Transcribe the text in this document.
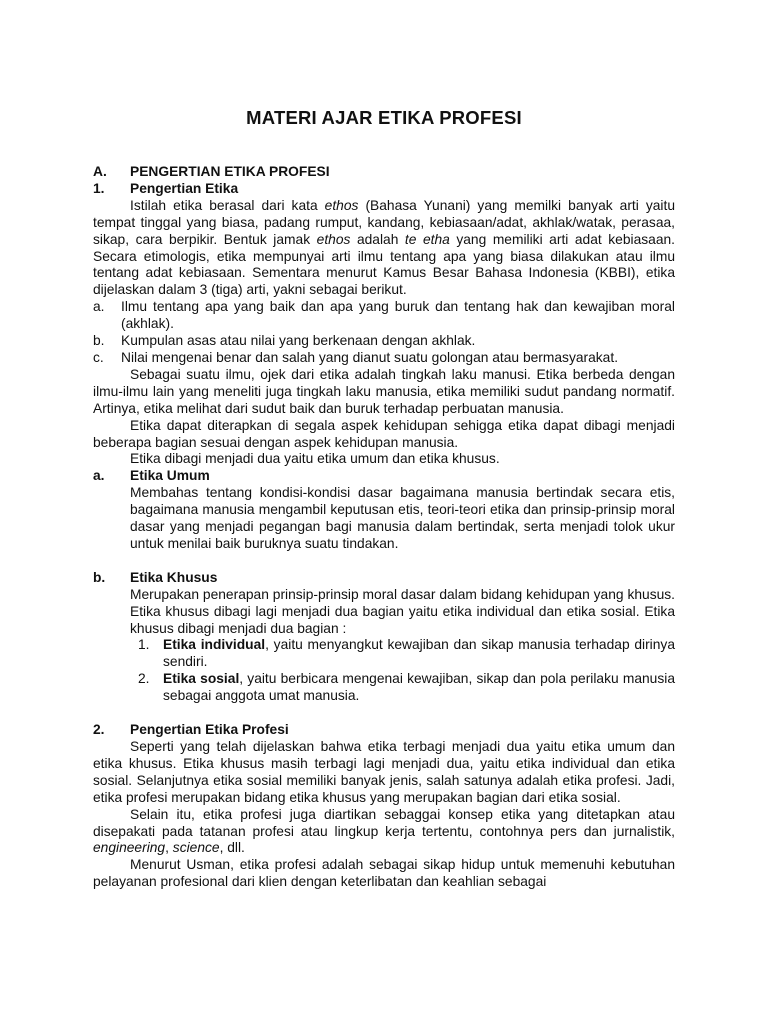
MATERI AJAR ETIKA PROFESI
A.	PENGERTIAN ETIKA PROFESI
1.	Pengertian Etika

Istilah etika berasal dari kata ethos (Bahasa Yunani) yang memilki banyak arti yaitu tempat tinggal yang biasa, padang rumput, kandang, kebiasaan/adat, akhlak/watak, perasaa, sikap, cara berpikir. Bentuk jamak ethos adalah te etha yang memiliki arti adat kebiasaan. Secara etimologis, etika mempunyai arti ilmu tentang apa yang biasa dilakukan atau ilmu tentang adat kebiasaan. Sementara menurut Kamus Besar Bahasa Indonesia (KBBI), etika dijelaskan dalam 3 (tiga) arti, yakni sebagai berikut.

a.	Ilmu tentang apa yang baik dan apa yang buruk dan tentang hak dan kewajiban moral (akhlak).
b.	Kumpulan asas atau nilai yang berkenaan dengan akhlak.
c.	Nilai mengenai benar dan salah yang dianut suatu golongan atau bermasyarakat.

Sebagai suatu ilmu, ojek dari etika adalah tingkah laku manusi. Etika berbeda dengan ilmu-ilmu lain yang meneliti juga tingkah laku manusia, etika memiliki sudut pandang normatif. Artinya, etika melihat dari sudut baik dan buruk terhadap perbuatan manusia.

Etika dapat diterapkan di segala aspek kehidupan sehigga etika dapat dibagi menjadi beberapa bagian sesuai dengan aspek kehidupan manusia.

Etika dibagi menjadi dua yaitu etika umum dan etika khusus.

a.	Etika Umum

Membahas tentang kondisi-kondisi dasar bagaimana manusia bertindak secara etis, bagaimana manusia mengambil keputusan etis, teori-teori etika dan prinsip-prinsip moral dasar yang menjadi pegangan bagi manusia dalam bertindak, serta menjadi tolok ukur untuk menilai baik buruknya suatu tindakan.

b.	Etika Khusus

Merupakan penerapan prinsip-prinsip moral dasar dalam bidang kehidupan yang khusus. Etika khusus dibagi lagi menjadi dua bagian yaitu etika individual dan etika sosial. Etika khusus dibagi menjadi dua bagian :

1. Etika individual, yaitu menyangkut kewajiban dan sikap manusia terhadap dirinya sendiri.
2. Etika sosial, yaitu berbicara mengenai kewajiban, sikap dan pola perilaku manusia sebagai anggota umat manusia.
2.	Pengertian Etika Profesi

Seperti yang telah dijelaskan bahwa etika terbagi menjadi dua yaitu etika umum dan etika khusus. Etika khusus masih terbagi lagi menjadi dua, yaitu etika individual dan etika sosial. Selanjutnya etika sosial memiliki banyak jenis, salah satunya adalah etika profesi. Jadi, etika profesi merupakan bidang etika khusus yang merupakan bagian dari etika sosial.

Selain itu, etika profesi juga diartikan sebaggai konsep etika yang ditetapkan atau disepakati pada tatanan profesi atau lingkup kerja tertentu, contohnya pers dan jurnalistik, engineering, science, dll.

Menurut Usman, etika profesi adalah sebagai sikap hidup untuk memenuhi kebutuhan pelayanan profesional dari klien dengan keterlibatan dan keahlian sebagai
